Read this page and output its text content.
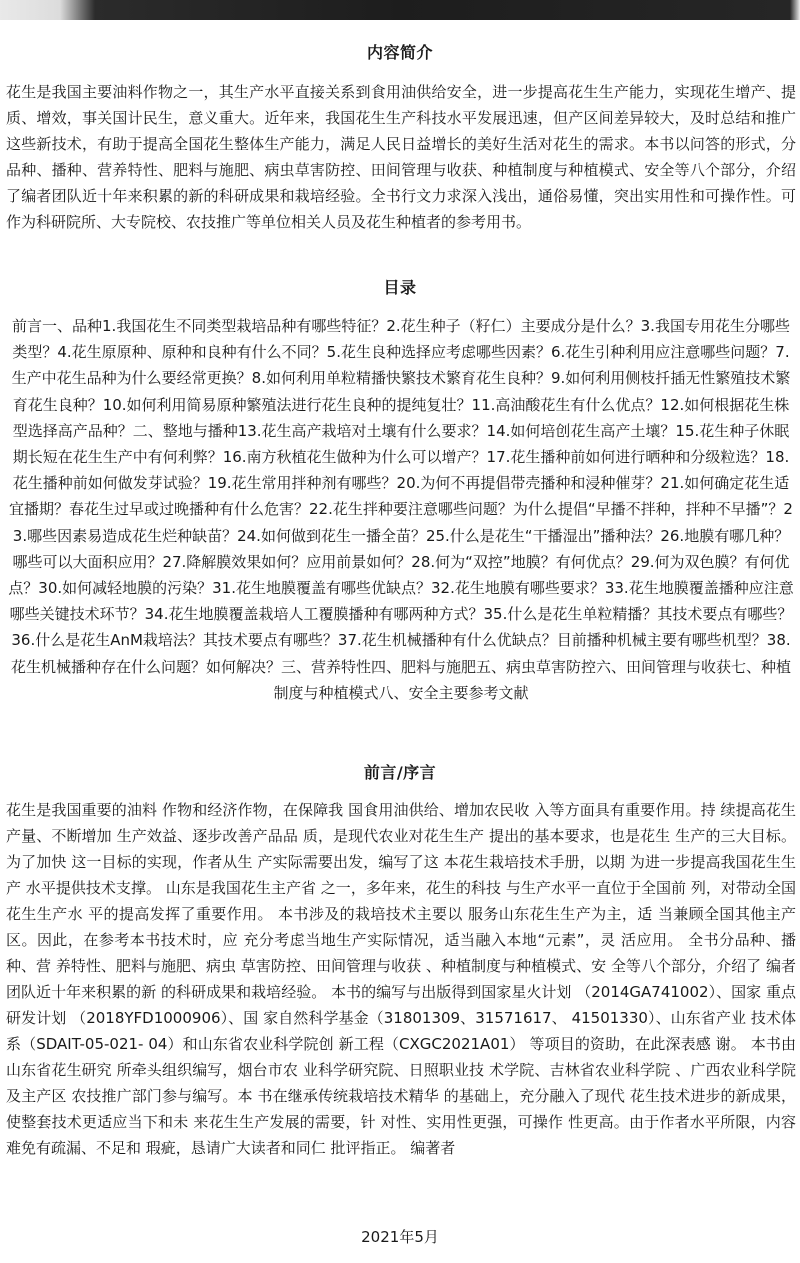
内容简介

花生是我国主要油料作物之一，其生产水平直接关系到食用油供给安全，进一步提高花生生产能力，实现花生增产、提质、增效，事关国计民生，意义重大。近年来，我国花生生产科技水平发展迅速，但产区间差异较大，及时总结和推广这些新技术，有助于提高全国花生整体生产能力，满足人民日益增长的美好生活对花生的需求。本书以问答的形式，分品种、播种、营养特性、肥料与施肥、病虫草害防控、田间管理与收获、种植制度与种植模式、安全等八个部分，介绍了编者团队近十年来积累的新的科研成果和栽培经验。全书行文力求深入浅出，通俗易懂，突出实用性和可操作性。可作为科研院所、大专院校、农技推广等单位相关人员及花生种植者的参考用书。

目录

前言一、品种1.我国花生不同类型栽培品种有哪些特征？2.花生种子（籽仁）主要成分是什么？3.我国专用花生分哪些类型？4.花生原原种、原种和良种有什么不同？5.花生良种选择应考虑哪些因素？6.花生引种利用应注意哪些问题？7.生产中花生品种为什么要经常更换？8.如何利用单粒精播快繁技术繁育花生良种？9.如何利用侧枝扦插无性繁殖技术繁育花生良种？10.如何利用简易原种繁殖法进行花生良种的提纯复壮？11.高油酸花生有什么优点？12.如何根据花生株型选择高产品种？二、整地与播种13.花生高产栽培对土壤有什么要求？14.如何培创花生高产土壤？15.花生种子休眠期长短在花生生产中有何利弊？16.南方秋植花生做种为什么可以增产？17.花生播种前如何进行晒种和分级粒选？18.花生播种前如何做发芽试验？19.花生常用拌种剂有哪些？20.为何不再提倡带壳播种和浸种催芽？21.如何确定花生适宜播期？春花生过早或过晚播种有什么危害？22.花生拌种要注意哪些问题？为什么提倡“早播不拌种，拌种不早播”？23.哪些因素易造成花生烂种缺苗？24.如何做到花生一播全苗？25.什么是花生“干播湿出”播种法？26.地膜有哪几种？哪些可以大面积应用？27.降解膜效果如何？应用前景如何？28.何为“双控”地膜？有何优点？29.何为双色膜？有何优点？30.如何减轻地膜的污染？31.花生地膜覆盖有哪些优缺点？32.花生地膜有哪些要求？33.花生地膜覆盖播种应注意哪些关键技术环节？34.花生地膜覆盖栽培人工覆膜播种有哪两种方式？35.什么是花生单粒精播？其技术要点有哪些？36.什么是花生AnM栽培法？其技术要点有哪些？37.花生机械播种有什么优缺点？目前播种机械主要有哪些机型？38.花生机械播种存在什么问题？如何解决？三、营养特性四、肥料与施肥五、病虫草害防控六、田间管理与收获七、种植制度与种植模式八、安全主要参考文献

前言/序言

花生是我国重要的油料 作物和经济作物，在保障我 国食用油供给、增加农民收 入等方面具有重要作用。持 续提高花生产量、不断增加 生产效益、逐步改善产品品 质，是现代农业对花生生产 提出的基本要求，也是花生 生产的三大目标。为了加快 这一目标的实现，作者从生 产实际需要出发，编写了这 本花生栽培技术手册，以期 为进一步提高我国花生生产 水平提供技术支撑。 山东是我国花生主产省 之一，多年来，花生的科技 与生产水平一直位于全国前 列，对带动全国花生生产水 平的提高发挥了重要作用。 本书涉及的栽培技术主要以 服务山东花生生产为主，适 当兼顾全国其他主产区。因此，在参考本书技术时，应 充分考虑当地生产实际情况，适当融入本地“元素”，灵 活应用。 全书分品种、播种、营 养特性、肥料与施肥、病虫 草害防控、田间管理与收获 、种植制度与种植模式、安 全等八个部分，介绍了 编者团队近十年来积累的新 的科研成果和栽培经验。 本书的编写与出版得到国家星火计划 （2014GA741002）、国家 重点研发计划 （2018YFD1000906）、国 家自然科学基金（31801309、31571617、 41501330）、山东省产业 技术体系（SDAIT-05-021- 04）和山东省农业科学院创 新工程（CXGC2021A01） 等项目的资助，在此深表感 谢。 本书由山东省花生研究 所牵头组织编写，烟台市农 业科学研究院、日照职业技 术学院、吉林省农业科学院 、广西农业科学院及主产区 农技推广部门参与编写。本 书在继承传统栽培技术精华 的基础上，充分融入了现代 花生技术进步的新成果， 使整套技术更适应当下和未 来花生生产发展的需要，针 对性、实用性更强，可操作 性更高。由于作者水平所限，内容难免有疏漏、不足和 瑕疵，恳请广大读者和同仁 批评指正。 编著者

2021年5月
